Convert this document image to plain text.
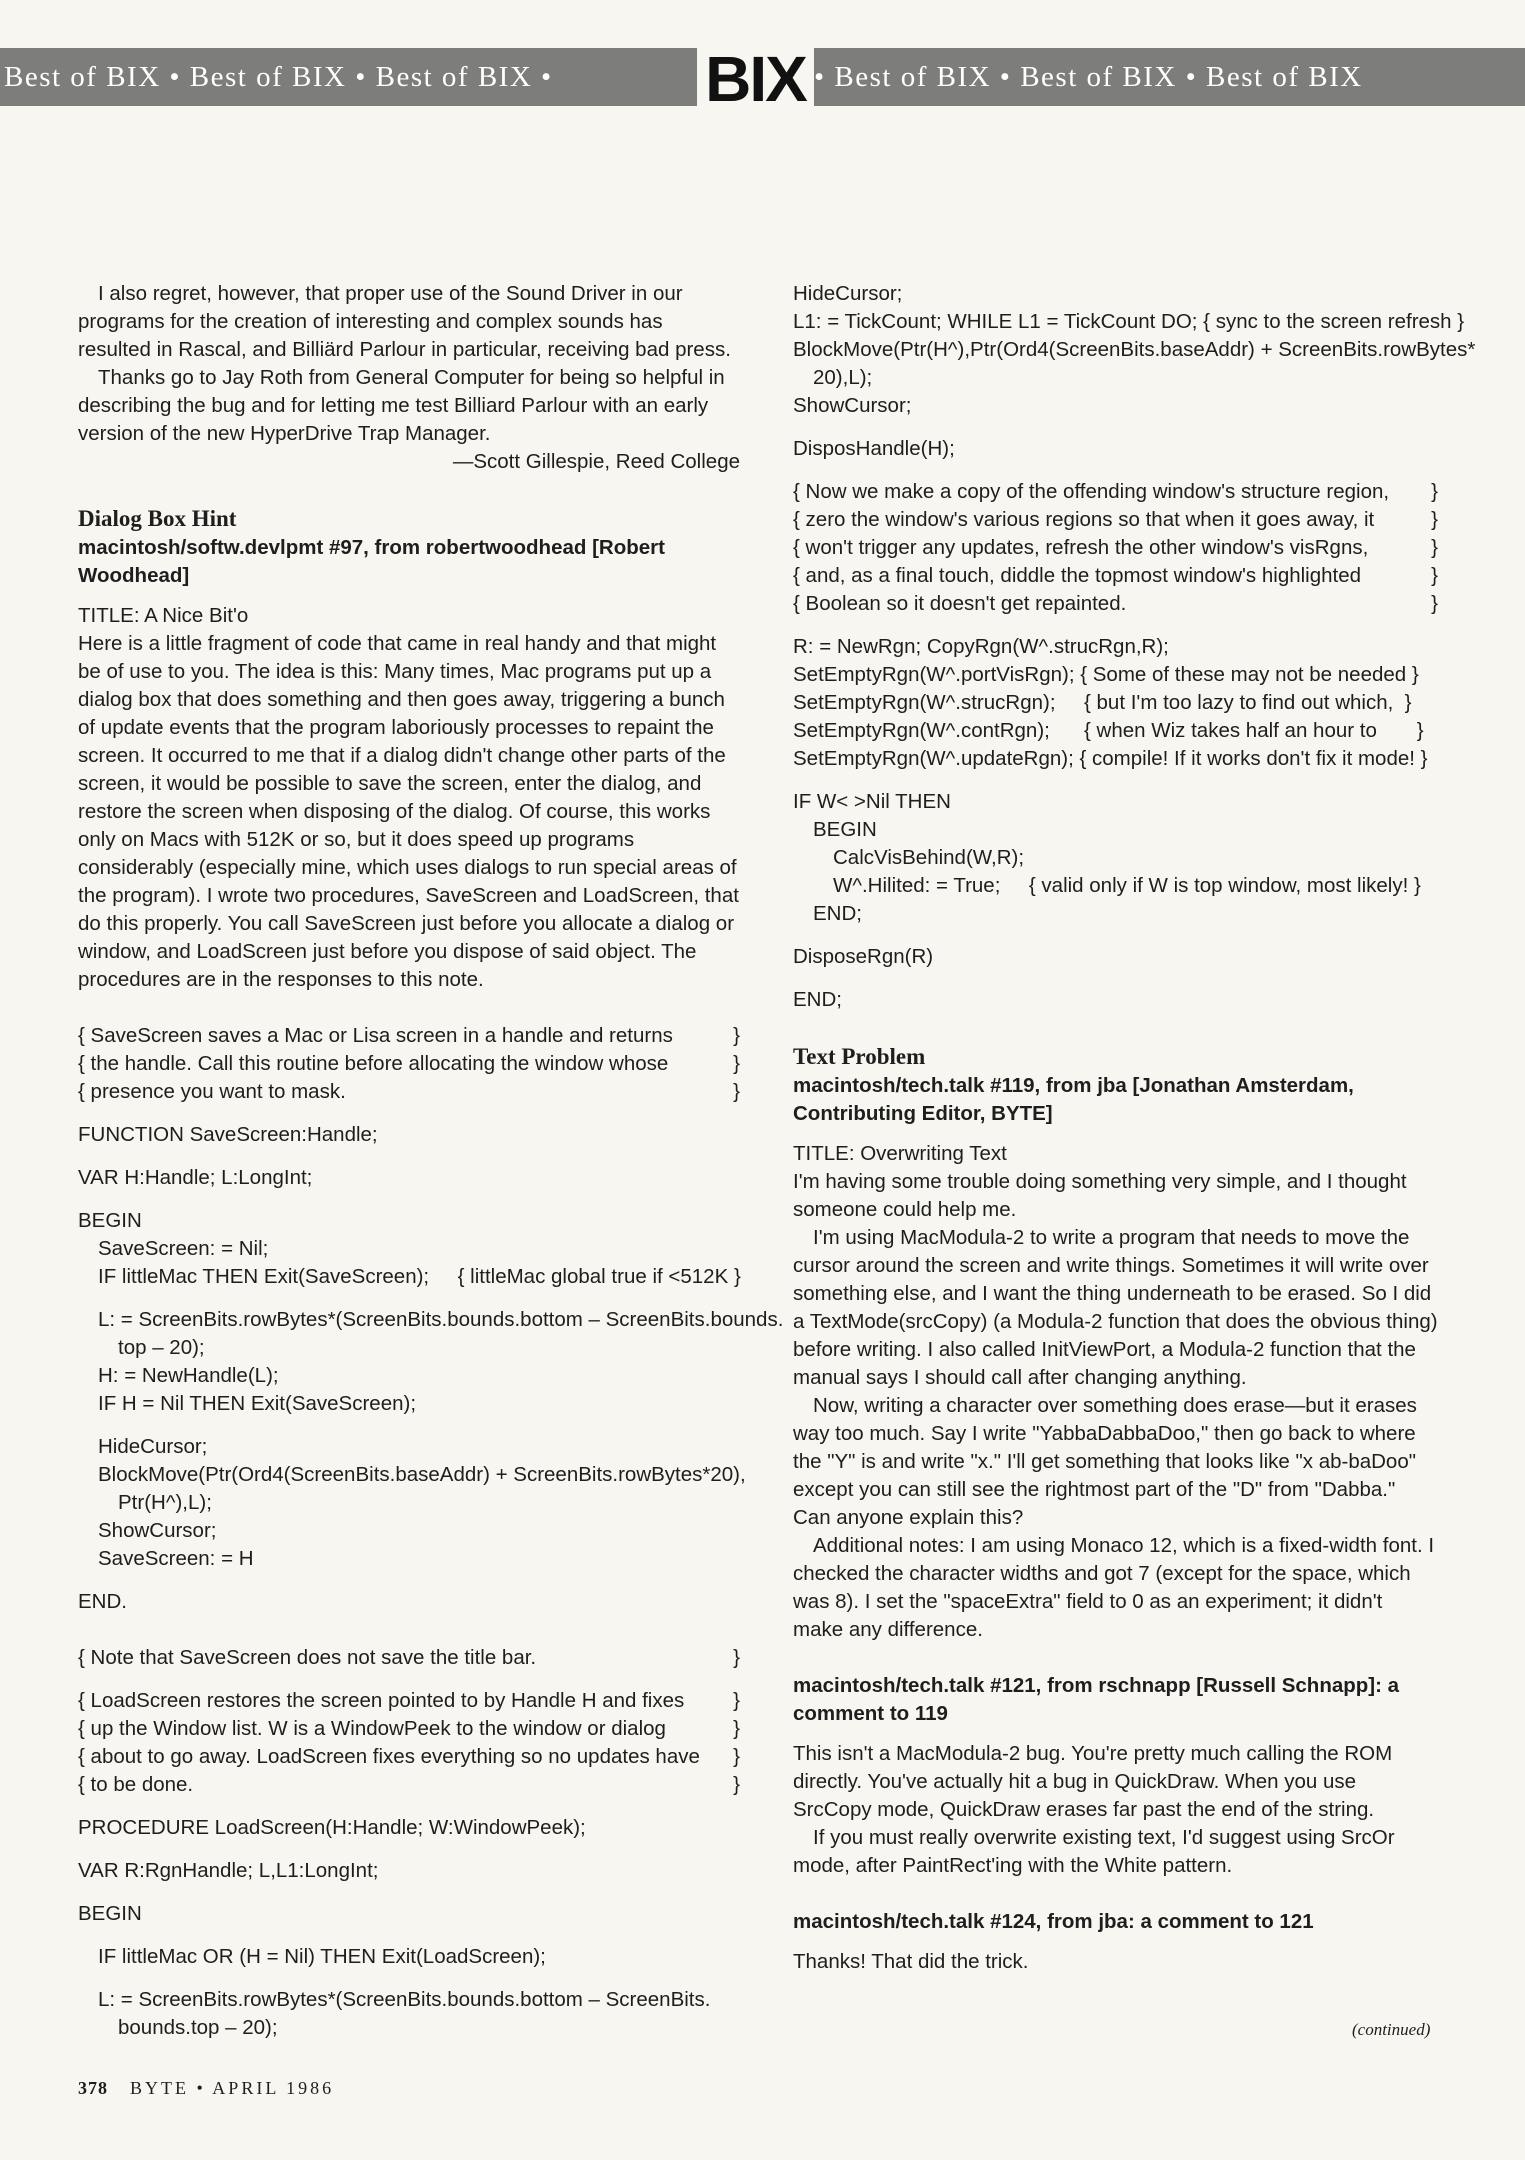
Best of BIX • Best of BIX • Best of BIX •	• Best of BIX • Best of BIX • Best of BIX
BIX

I also regret, however, that proper use of the Sound Driver in our programs for the creation of interesting and complex sounds has resulted in Rascal, and Billiärd Parlour in particular, receiving bad press.

Thanks go to Jay Roth from General Computer for being so helpful in describing the bug and for letting me test Billiard Parlour with an early version of the new HyperDrive Trap Manager.

—Scott Gillespie, Reed College

Dialog Box Hint
macintosh/softw.devlpmt #97, from robertwoodhead [Robert Woodhead]

TITLE: A Nice Bit'o

Here is a little fragment of code that came in real handy and that might be of use to you. The idea is this: Many times, Mac programs put up a dialog box that does something and then goes away, triggering a bunch of update events that the program laboriously processes to repaint the screen. It occurred to me that if a dialog didn't change other parts of the screen, it would be possible to save the screen, enter the dialog, and restore the screen when disposing of the dialog. Of course, this works only on Macs with 512K or so, but it does speed up programs considerably (especially mine, which uses dialogs to run special areas of the program). I wrote two procedures, SaveScreen and LoadScreen, that do this properly. You call SaveScreen just before you allocate a dialog or window, and LoadScreen just before you dispose of said object. The procedures are in the responses to this note.

{ SaveScreen saves a Mac or Lisa screen in a handle and returns	}
{ the handle. Call this routine before allocating the window whose	}
{ presence you want to mask.	}
FUNCTION SaveScreen:Handle;
VAR H:Handle; L:LongInt;
BEGIN
SaveScreen: = Nil;
IF littleMac THEN Exit(SaveScreen);     { littleMac global true if <512K }
L: = ScreenBits.rowBytes*(ScreenBits.bounds.bottom – ScreenBits.bounds.
top – 20);
H: = NewHandle(L);
IF H = Nil THEN Exit(SaveScreen);
HideCursor;
BlockMove(Ptr(Ord4(ScreenBits.baseAddr) + ScreenBits.rowBytes*20),
Ptr(H^),L);
ShowCursor;
SaveScreen: = H
END.
{ Note that SaveScreen does not save the title bar.	}
{ LoadScreen restores the screen pointed to by Handle H and fixes	}
{ up the Window list. W is a WindowPeek to the window or dialog	}
{ about to go away. LoadScreen fixes everything so no updates have	}
{ to be done.	}
PROCEDURE LoadScreen(H:Handle; W:WindowPeek);
VAR R:RgnHandle; L,L1:LongInt;
BEGIN
IF littleMac OR (H = Nil) THEN Exit(LoadScreen);
L: = ScreenBits.rowBytes*(ScreenBits.bounds.bottom – ScreenBits.
bounds.top – 20);
HideCursor;
L1: = TickCount; WHILE L1 = TickCount DO; { sync to the screen refresh }
BlockMove(Ptr(H^),Ptr(Ord4(ScreenBits.baseAddr) + ScreenBits.rowBytes*
20),L);
ShowCursor;
DisposHandle(H);
{ Now we make a copy of the offending window's structure region,	}
{ zero the window's various regions so that when it goes away, it	}
{ won't trigger any updates, refresh the other window's visRgns,	}
{ and, as a final touch, diddle the topmost window's highlighted	}
{ Boolean so it doesn't get repainted.	}
R: = NewRgn; CopyRgn(W^.strucRgn,R);
SetEmptyRgn(W^.portVisRgn); { Some of these may not be needed }
SetEmptyRgn(W^.strucRgn);     { but I'm too lazy to find out which,  }
SetEmptyRgn(W^.contRgn);      { when Wiz takes half an hour to       }
SetEmptyRgn(W^.updateRgn); { compile! If it works don't fix it mode! }
IF W< >Nil THEN
BEGIN
CalcVisBehind(W,R);
W^.Hilited: = True;     { valid only if W is top window, most likely! }
END;
DisposeRgn(R)
END;
Text Problem
macintosh/tech.talk #119, from jba [Jonathan Amsterdam, Contributing Editor, BYTE]

TITLE: Overwriting Text

I'm having some trouble doing something very simple, and I thought someone could help me.

I'm using MacModula-2 to write a program that needs to move the cursor around the screen and write things. Sometimes it will write over something else, and I want the thing underneath to be erased. So I did a TextMode(srcCopy) (a Modula-2 function that does the obvious thing) before writing. I also called InitViewPort, a Modula-2 function that the manual says I should call after changing anything.

Now, writing a character over something does erase—but it erases way too much. Say I write "YabbaDabbaDoo," then go back to where the "Y" is and write "x." I'll get something that looks like "x ab-baDoo" except you can still see the rightmost part of the "D" from "Dabba." Can anyone explain this?

Additional notes: I am using Monaco 12, which is a fixed-width font. I checked the character widths and got 7 (except for the space, which was 8). I set the "spaceExtra" field to 0 as an experiment; it didn't make any difference.

macintosh/tech.talk #121, from rschnapp [Russell Schnapp]: a comment to 119

This isn't a MacModula-2 bug. You're pretty much calling the ROM directly. You've actually hit a bug in QuickDraw. When you use SrcCopy mode, QuickDraw erases far past the end of the string.

If you must really overwrite existing text, I'd suggest using SrcOr mode, after PaintRect'ing with the White pattern.

macintosh/tech.talk #124, from jba: a comment to 121

Thanks! That did the trick.

(continued)
378 BYTE • APRIL 1986
